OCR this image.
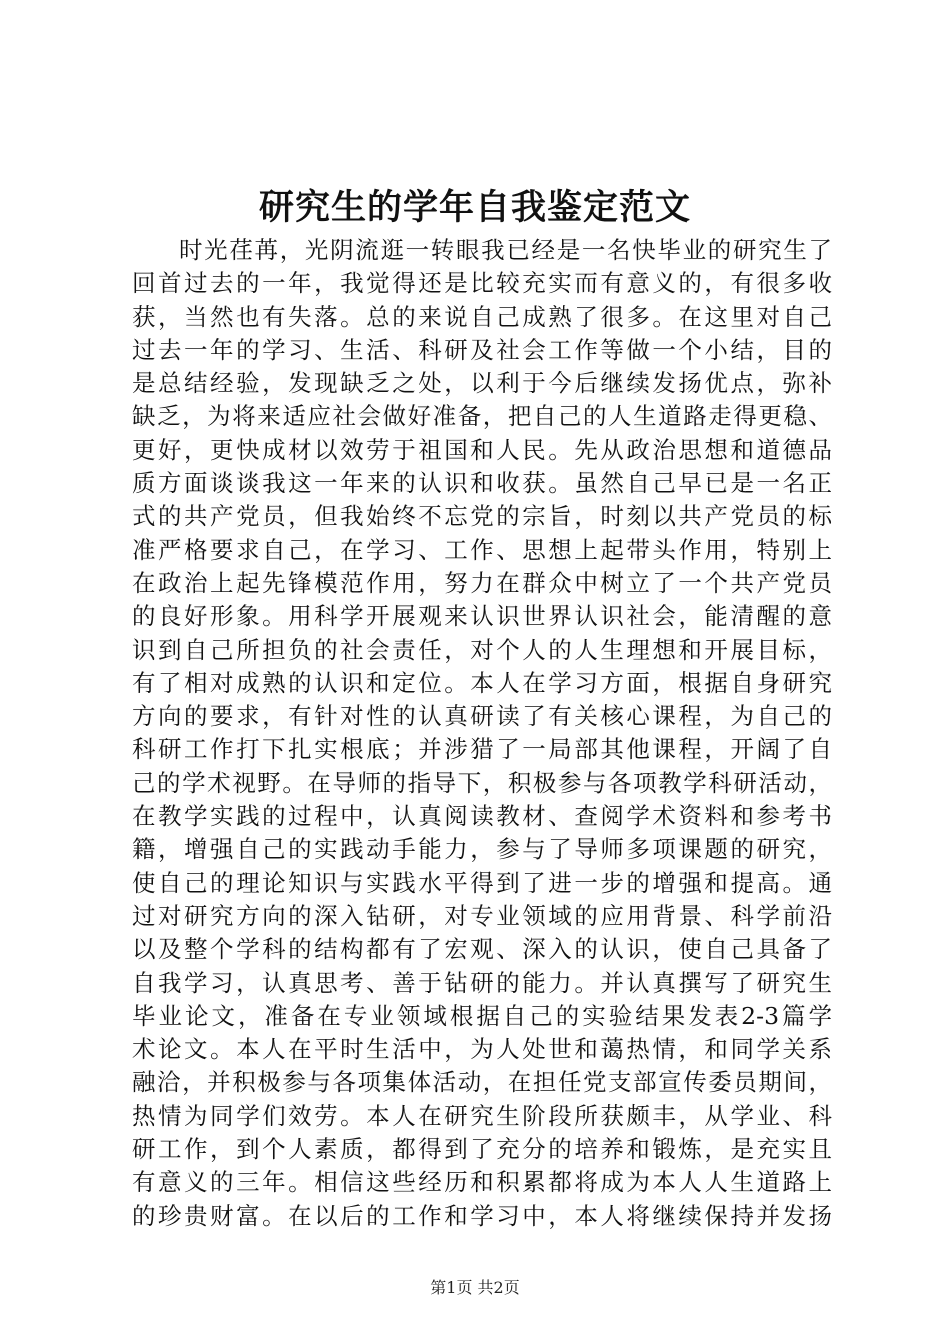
研究生的学年自我鉴定范文
时光荏苒，光阴流逛一转眼我已经是一名快毕业的研究生了
回首过去的一年，我觉得还是比较充实而有意义的，有很多收
获，当然也有失落。总的来说自己成熟了很多。在这里对自己
过去一年的学习、生活、科研及社会工作等做一个小结，目的
是总结经验，发现缺乏之处，以利于今后继续发扬优点，弥补
缺乏，为将来适应社会做好准备，把自己的人生道路走得更稳、
更好，更快成材以效劳于祖国和人民。先从政治思想和道德品
质方面谈谈我这一年来的认识和收获。虽然自己早已是一名正
式的共产党员，但我始终不忘党的宗旨，时刻以共产党员的标
准严格要求自己，在学习、工作、思想上起带头作用，特别上
在政治上起先锋模范作用，努力在群众中树立了一个共产党员
的良好形象。用科学开展观来认识世界认识社会，能清醒的意
识到自己所担负的社会责任，对个人的人生理想和开展目标，
有了相对成熟的认识和定位。本人在学习方面，根据自身研究
方向的要求，有针对性的认真研读了有关核心课程，为自己的
科研工作打下扎实根底；并涉猎了一局部其他课程，开阔了自
己的学术视野。在导师的指导下，积极参与各项教学科研活动，
在教学实践的过程中，认真阅读教材、查阅学术资料和参考书
籍，增强自己的实践动手能力，参与了导师多项课题的研究，
使自己的理论知识与实践水平得到了进一步的增强和提高。通
过对研究方向的深入钻研，对专业领域的应用背景、科学前沿
以及整个学科的结构都有了宏观、深入的认识，使自己具备了
自我学习，认真思考、善于钻研的能力。并认真撰写了研究生
毕业论文，准备在专业领域根据自己的实验结果发表2-3篇学
术论文。本人在平时生活中，为人处世和蔼热情，和同学关系
融洽，并积极参与各项集体活动，在担任党支部宣传委员期间，
热情为同学们效劳。本人在研究生阶段所获颇丰，从学业、科
研工作，到个人素质，都得到了充分的培养和锻炼，是充实且
有意义的三年。相信这些经历和积累都将成为本人人生道路上
的珍贵财富。在以后的工作和学习中，本人将继续保持并发扬
第1页 共2页
